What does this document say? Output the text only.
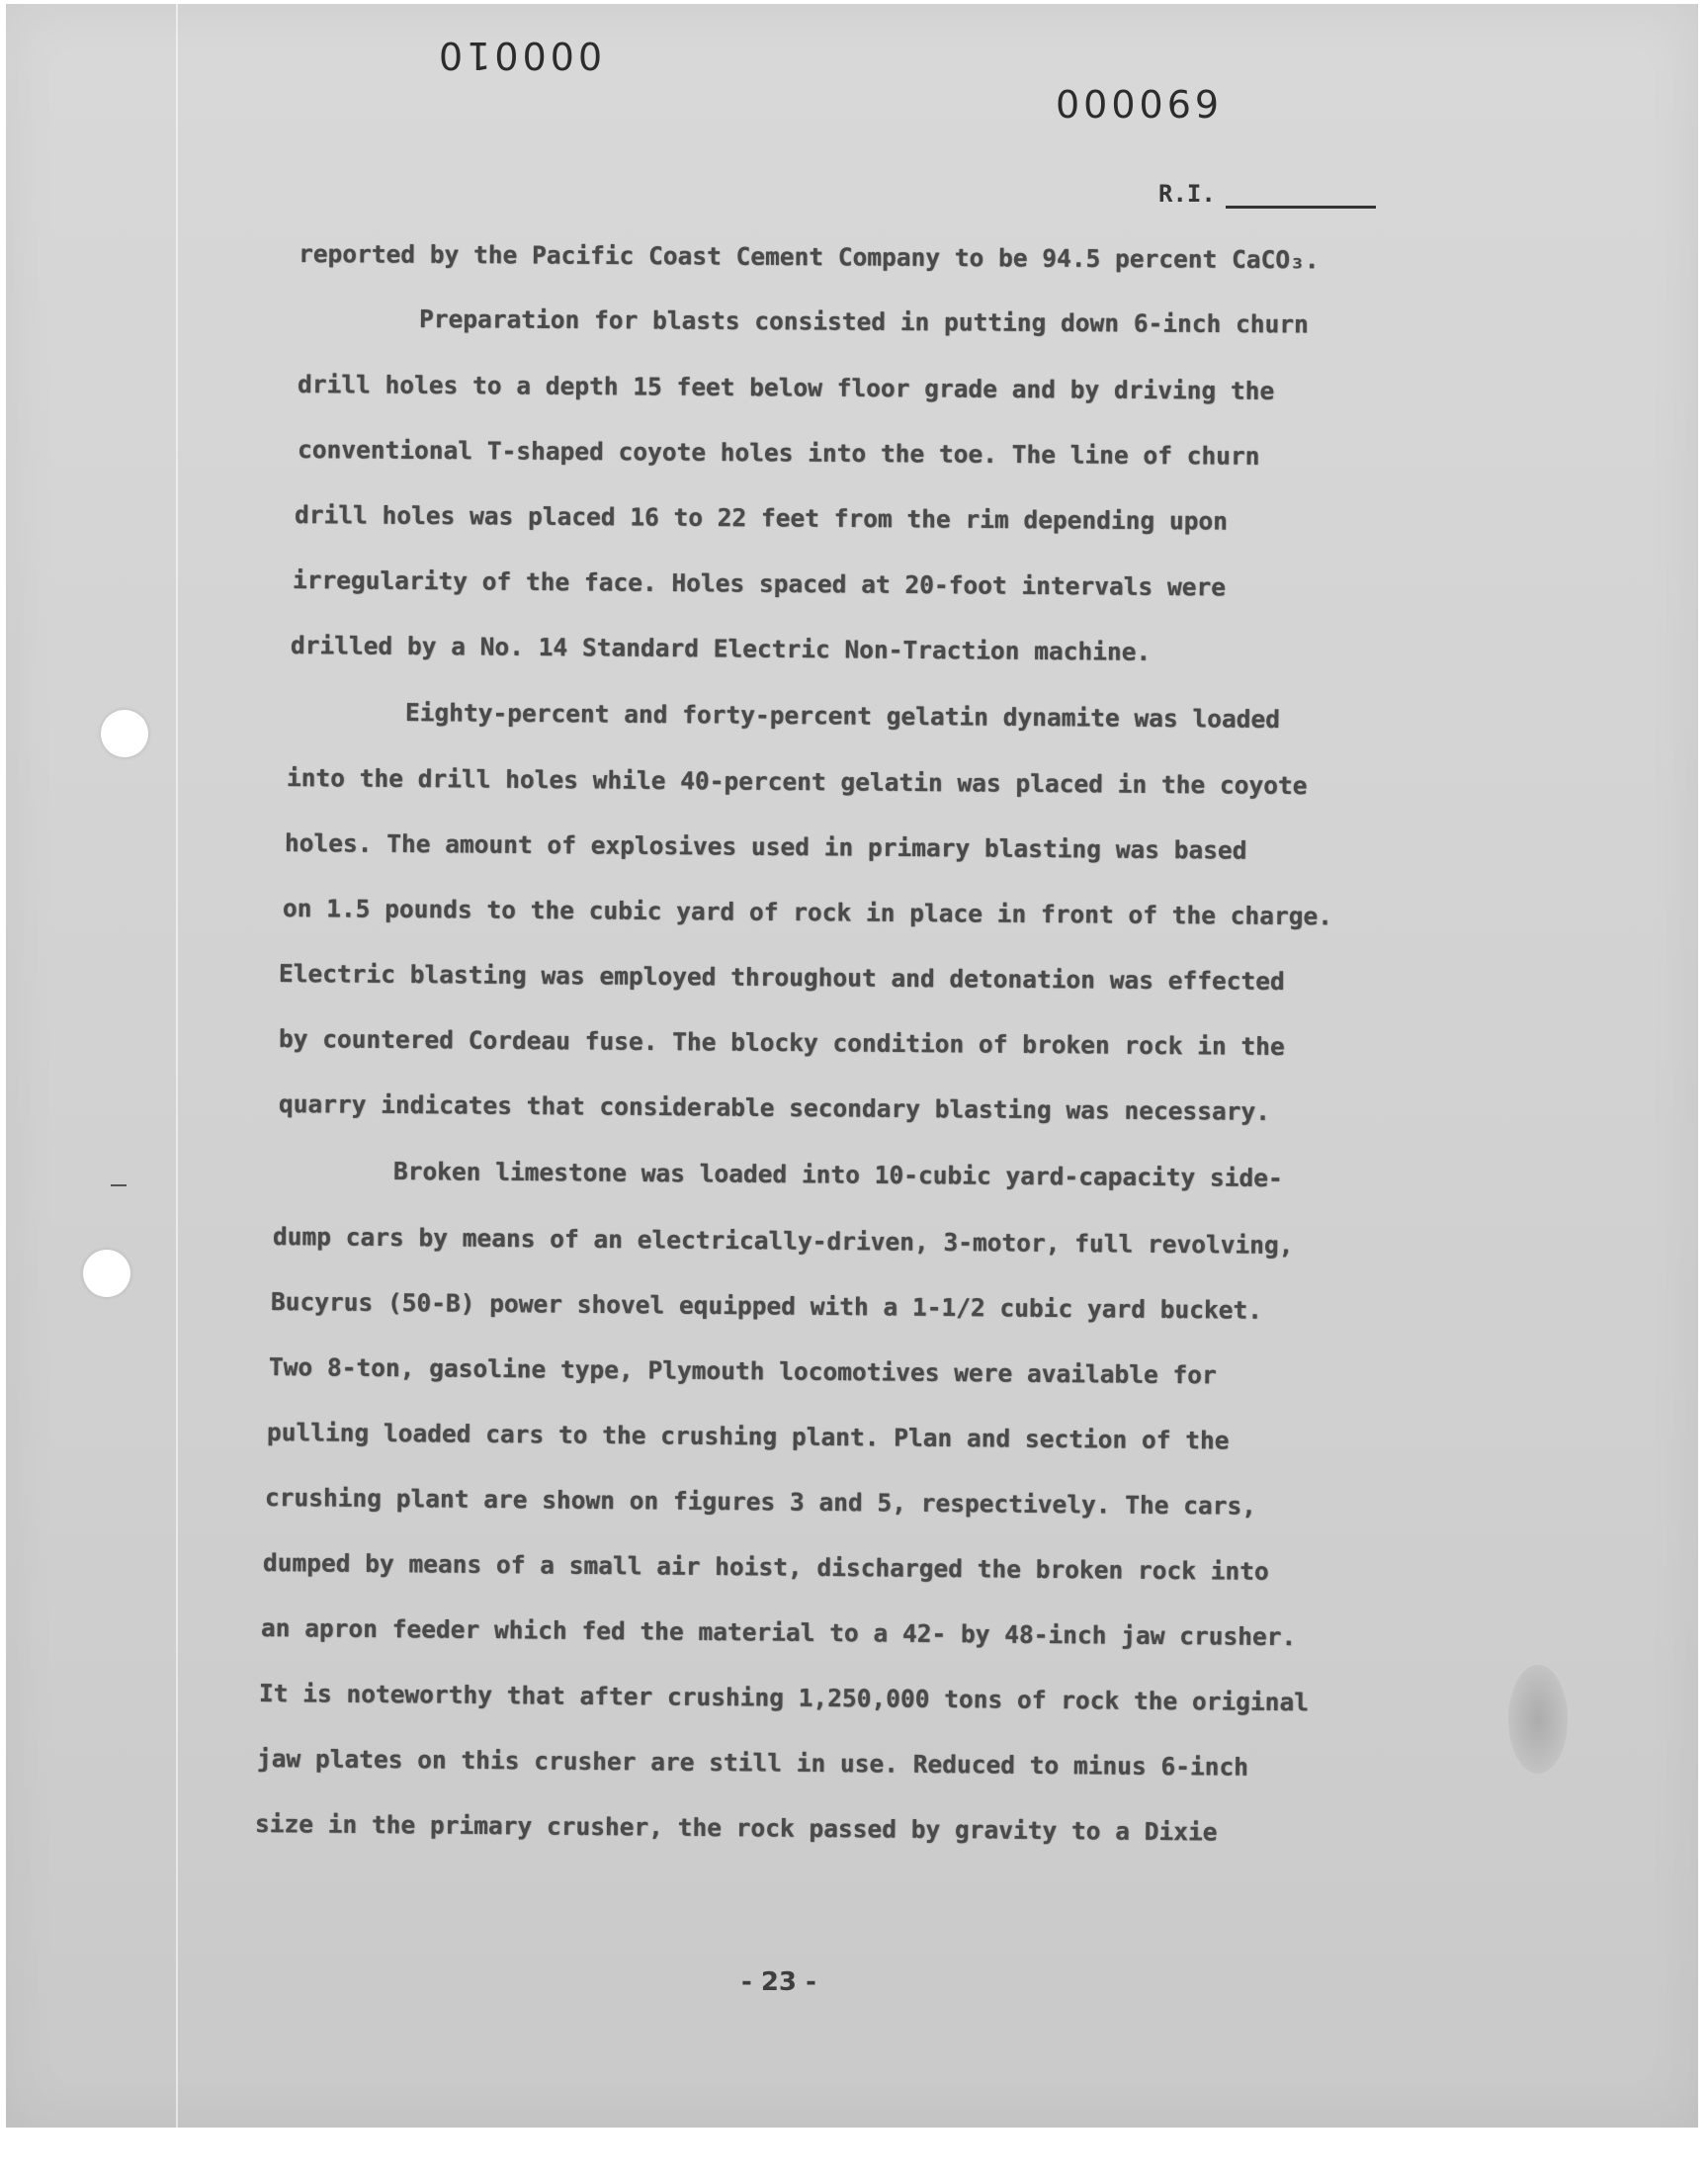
000010
000069
R.I.
reported by the Pacific Coast Cement Company to be 94.5 percent CaCO₃.
Preparation for blasts consisted in putting down 6-inch churn
drill holes to a depth 15 feet below floor grade and by driving the
conventional T-shaped coyote holes into the toe. The line of churn
drill holes was placed 16 to 22 feet from the rim depending upon
irregularity of the face. Holes spaced at 20-foot intervals were
drilled by a No. 14 Standard Electric Non-Traction machine.
Eighty-percent and forty-percent gelatin dynamite was loaded
into the drill holes while 40-percent gelatin was placed in the coyote
holes. The amount of explosives used in primary blasting was based
on 1.5 pounds to the cubic yard of rock in place in front of the charge.
Electric blasting was employed throughout and detonation was effected
by countered Cordeau fuse. The blocky condition of broken rock in the
quarry indicates that considerable secondary blasting was necessary.
Broken limestone was loaded into 10-cubic yard-capacity side-
dump cars by means of an electrically-driven, 3-motor, full revolving,
Bucyrus (50-B) power shovel equipped with a 1-1/2 cubic yard bucket.
Two 8-ton, gasoline type, Plymouth locomotives were available for
pulling loaded cars to the crushing plant. Plan and section of the
crushing plant are shown on figures 3 and 5, respectively. The cars,
dumped by means of a small air hoist, discharged the broken rock into
an apron feeder which fed the material to a 42- by 48-inch jaw crusher.
It is noteworthy that after crushing 1,250,000 tons of rock the original
jaw plates on this crusher are still in use. Reduced to minus 6-inch
size in the primary crusher, the rock passed by gravity to a Dixie
- 23 -
